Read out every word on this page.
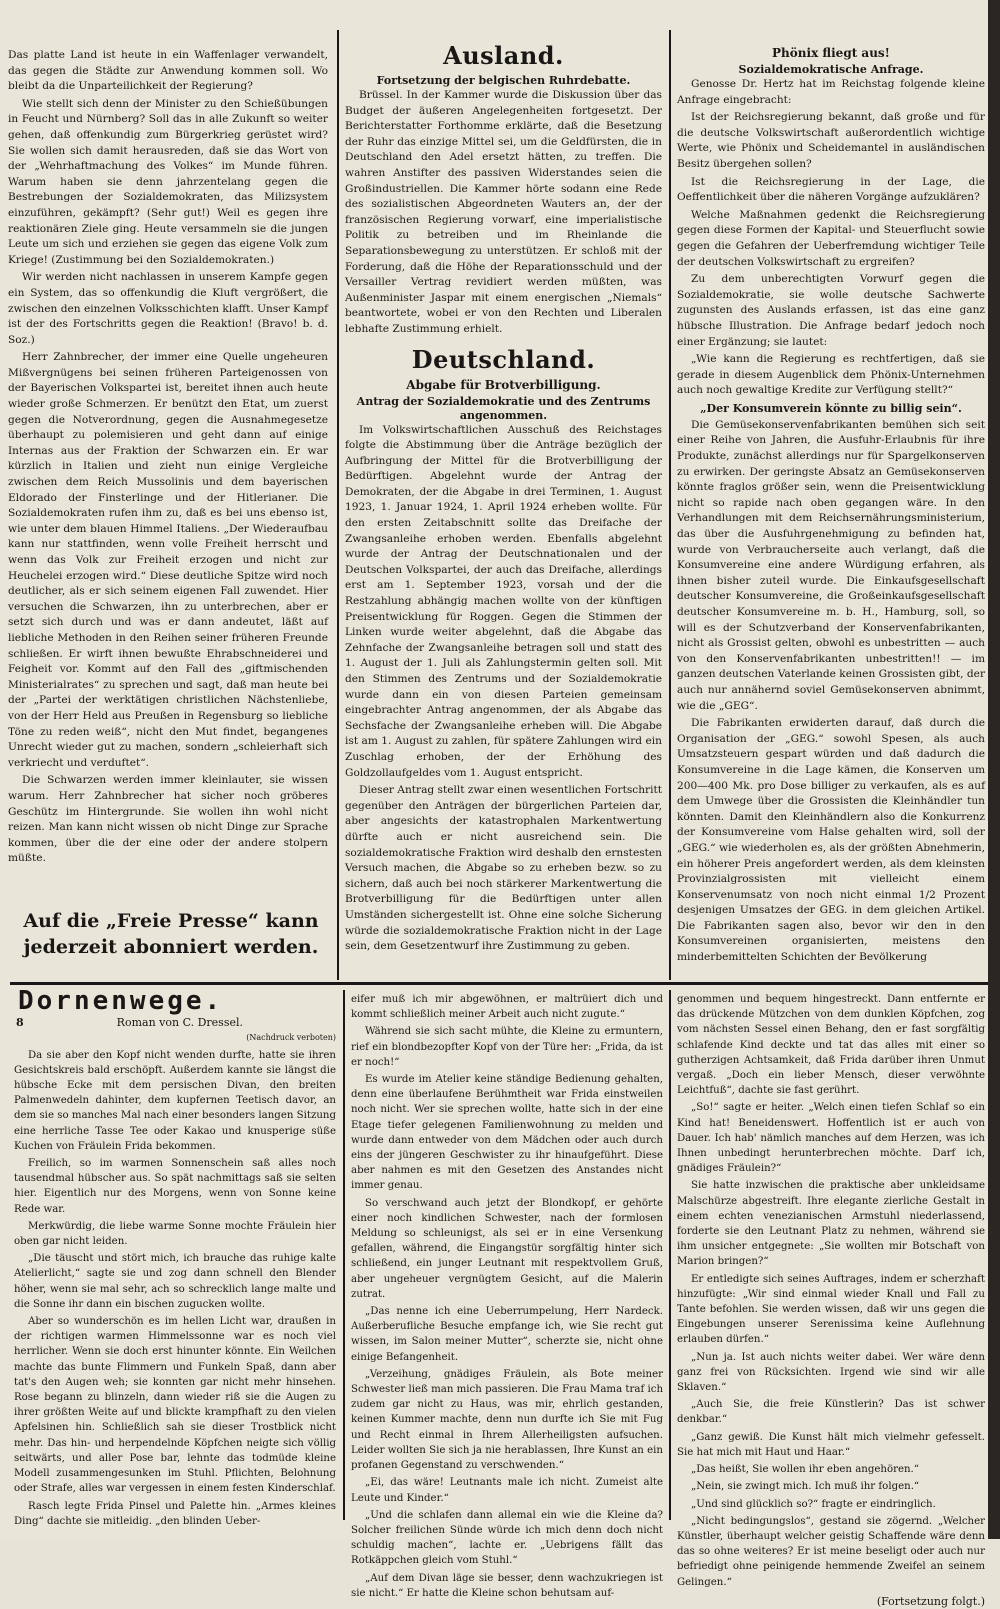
Das platte Land ist heute in ein Waffenlager verwandelt, das gegen die Städte zur Anwendung kommen soll. Wo bleibt da die Unparteilichkeit der Regierung?

Wie stellt sich denn der Minister zu den Schießübungen in Feucht und Nürnberg? Soll das in alle Zukunft so weiter gehen, daß offenkundig zum Bürgerkrieg gerüstet wird? Sie wollen sich damit herausreden, daß sie das Wort von der „Wehrhaftmachung des Volkes“ im Munde führen. Warum haben sie denn jahrzentelang gegen die Bestrebungen der Sozialdemokraten, das Milizsystem einzuführen, gekämpft? (Sehr gut!) Weil es gegen ihre reaktionären Ziele ging. Heute versammeln sie die jungen Leute um sich und erziehen sie gegen das eigene Volk zum Kriege! (Zustimmung bei den Sozialdemokraten.)

Wir werden nicht nachlassen in unserem Kampfe gegen ein System, das so offenkundig die Kluft vergrößert, die zwischen den einzelnen Volksschichten klafft. Unser Kampf ist der des Fortschritts gegen die Reaktion! (Bravo! b. d. Soz.)

Herr Zahnbrecher, der immer eine Quelle ungeheuren Mißvergnügens bei seinen früheren Parteigenossen von der Bayerischen Volkspartei ist, bereitet ihnen auch heute wieder große Schmerzen. Er benützt den Etat, um zuerst gegen die Notverordnung, gegen die Ausnahmegesetze überhaupt zu polemisieren und geht dann auf einige Internas aus der Fraktion der Schwarzen ein. Er war kürzlich in Italien und zieht nun einige Vergleiche zwischen dem Reich Mussolinis und dem bayerischen Eldorado der Finsterlinge und der Hitlerianer. Die Sozialdemokraten rufen ihm zu, daß es bei uns ebenso ist, wie unter dem blauen Himmel Italiens. „Der Wiederaufbau kann nur stattfinden, wenn volle Freiheit herrscht und wenn das Volk zur Freiheit erzogen und nicht zur Heuchelei erzogen wird.“ Diese deutliche Spitze wird noch deutlicher, als er sich seinem eigenen Fall zuwendet. Hier versuchen die Schwarzen, ihn zu unterbrechen, aber er setzt sich durch und was er dann andeutet, läßt auf liebliche Methoden in den Reihen seiner früheren Freunde schließen. Er wirft ihnen bewußte Ehrabschneiderei und Feigheit vor. Kommt auf den Fall des „giftmischenden Ministerialrates“ zu sprechen und sagt, daß man heute bei der „Partei der werktätigen christlichen Nächstenliebe, von der Herr Held aus Preußen in Regensburg so liebliche Töne zu reden weiß“, nicht den Mut findet, begangenes Unrecht wieder gut zu machen, sondern „schleierhaft sich verkriecht und verduftet“.

Die Schwarzen werden immer kleinlauter, sie wissen warum. Herr Zahnbrecher hat sicher noch gröberes Geschütz im Hintergrunde. Sie wollen ihn wohl nicht reizen. Man kann nicht wissen ob nicht Dinge zur Sprache kommen, über die der eine oder der andere stolpern müßte.

Auf die „Freie Presse“ kann
jederzeit abonniert werden.
Ausland.
Fortsetzung der belgischen Ruhrdebatte.

Brüssel. In der Kammer wurde die Diskussion über das Budget der äußeren Angelegenheiten fortgesetzt. Der Berichterstatter Forthomme erklärte, daß die Besetzung der Ruhr das einzige Mittel sei, um die Geldfürsten, die in Deutschland den Adel ersetzt hätten, zu treffen. Die wahren Anstifter des passiven Widerstandes seien die Großindustriellen. Die Kammer hörte sodann eine Rede des sozialistischen Abgeordneten Wauters an, der der französischen Regierung vorwarf, eine imperialistische Politik zu betreiben und im Rheinlande die Separationsbewegung zu unterstützen. Er schloß mit der Forderung, daß die Höhe der Reparationsschuld und der Versailler Vertrag revidiert werden müßten, was Außenminister Jaspar mit einem energischen „Niemals“ beantwortete, wobei er von den Rechten und Liberalen lebhafte Zustimmung erhielt.

Deutschland.
Abgabe für Brotverbilligung.
Antrag der Sozialdemokratie und des Zentrums angenommen.

Im Volkswirtschaftlichen Ausschuß des Reichstages folgte die Abstimmung über die Anträge bezüglich der Aufbringung der Mittel für die Brotverbilligung der Bedürftigen. Abgelehnt wurde der Antrag der Demokraten, der die Abgabe in drei Terminen, 1. August 1923, 1. Januar 1924, 1. April 1924 erheben wollte. Für den ersten Zeitabschnitt sollte das Dreifache der Zwangsanleihe erhoben werden. Ebenfalls abgelehnt wurde der Antrag der Deutschnationalen und der Deutschen Volkspartei, der auch das Dreifache, allerdings erst am 1. September 1923, vorsah und der die Restzahlung abhängig machen wollte von der künftigen Preisentwicklung für Roggen. Gegen die Stimmen der Linken wurde weiter abgelehnt, daß die Abgabe das Zehnfache der Zwangsanleihe betragen soll und statt des 1. August der 1. Juli als Zahlungstermin gelten soll. Mit den Stimmen des Zentrums und der Sozialdemokratie wurde dann ein von diesen Parteien gemeinsam eingebrachter Antrag angenommen, der als Abgabe das Sechsfache der Zwangsanleihe erheben will. Die Abgabe ist am 1. August zu zahlen, für spätere Zahlungen wird ein Zuschlag erhoben, der der Erhöhung des Goldzollaufgeldes vom 1. August entspricht.

Dieser Antrag stellt zwar einen wesentlichen Fortschritt gegenüber den Anträgen der bürgerlichen Parteien dar, aber angesichts der katastrophalen Markentwertung dürfte auch er nicht ausreichend sein. Die sozialdemokratische Fraktion wird deshalb den ernstesten Versuch machen, die Abgabe so zu erheben bezw. so zu sichern, daß auch bei noch stärkerer Markentwertung die Brotverbilligung für die Bedürftigen unter allen Umständen sichergestellt ist. Ohne eine solche Sicherung würde die sozialdemokratische Fraktion nicht in der Lage sein, dem Gesetzentwurf ihre Zustimmung zu geben.

Phönix fliegt aus!
Sozialdemokratische Anfrage.

Genosse Dr. Hertz hat im Reichstag folgende kleine Anfrage eingebracht:

Ist der Reichsregierung bekannt, daß große und für die deutsche Volkswirtschaft außerordentlich wichtige Werte, wie Phönix und Scheidemantel in ausländischen Besitz übergehen sollen?

Ist die Reichsregierung in der Lage, die Oeffentlichkeit über die näheren Vorgänge aufzuklären?

Welche Maßnahmen gedenkt die Reichsregierung gegen diese Formen der Kapital- und Steuerflucht sowie gegen die Gefahren der Ueberfremdung wichtiger Teile der deutschen Volkswirtschaft zu ergreifen?

Zu dem unberechtigten Vorwurf gegen die Sozialdemokratie, sie wolle deutsche Sachwerte zugunsten des Auslands erfassen, ist das eine ganz hübsche Illustration. Die Anfrage bedarf jedoch noch einer Ergänzung; sie lautet:

„Wie kann die Regierung es rechtfertigen, daß sie gerade in diesem Augenblick dem Phönix-Unternehmen auch noch gewaltige Kredite zur Verfügung stellt?“

„Der Konsumverein könnte zu billig sein“.

Die Gemüsekonservenfabrikanten bemühen sich seit einer Reihe von Jahren, die Ausfuhr-Erlaubnis für ihre Produkte, zunächst allerdings nur für Spargelkonserven zu erwirken. Der geringste Absatz an Gemüsekonserven könnte fraglos größer sein, wenn die Preisentwicklung nicht so rapide nach oben gegangen wäre. In den Verhandlungen mit dem Reichsernährungsministerium, das über die Ausfuhrgenehmigung zu befinden hat, wurde von Verbraucherseite auch verlangt, daß die Konsumvereine eine andere Würdigung erfahren, als ihnen bisher zuteil wurde. Die Einkaufsgesellschaft deutscher Konsumvereine, die Großeinkaufsgesellschaft deutscher Konsumvereine m. b. H., Hamburg, soll, so will es der Schutzverband der Konservenfabrikanten, nicht als Grossist gelten, obwohl es unbestritten — auch von den Konservenfabrikanten unbestritten!! — im ganzen deutschen Vaterlande keinen Grossisten gibt, der auch nur annähernd soviel Gemüsekonserven abnimmt, wie die „GEG“.

Die Fabrikanten erwiderten darauf, daß durch die Organisation der „GEG.“ sowohl Spesen, als auch Umsatzsteuern gespart würden und daß dadurch die Konsumvereine in die Lage kämen, die Konserven um 200—400 Mk. pro Dose billiger zu verkaufen, als es auf dem Umwege über die Grossisten die Kleinhändler tun könnten. Damit den Kleinhändlern also die Konkurrenz der Konsumvereine vom Halse gehalten wird, soll der „GEG.“ wie wiederholen es, als der größten Abnehmerin, ein höherer Preis angefordert werden, als dem kleinsten Provinzialgrossisten mit vielleicht einem Konservenumsatz von noch nicht einmal 1/2 Prozent desjenigen Umsatzes der GEG. in dem gleichen Artikel. Die Fabrikanten sagen also, bevor wir den in den Konsumvereinen organisierten, meistens den minderbemittelten Schichten der Bevölkerung

Dornenwege.
8	Roman von C. Dressel.
(Nachdruck verboten)

Da sie aber den Kopf nicht wenden durfte, hatte sie ihren Gesichtskreis bald erschöpft. Außerdem kannte sie längst die hübsche Ecke mit dem persischen Divan, den breiten Palmenwedeln dahinter, dem kupfernen Teetisch davor, an dem sie so manches Mal nach einer besonders langen Sitzung eine herrliche Tasse Tee oder Kakao und knusperige süße Kuchen von Fräulein Frida bekommen.

Freilich, so im warmen Sonnenschein saß alles noch tausendmal hübscher aus. So spät nachmittags saß sie selten hier. Eigentlich nur des Morgens, wenn von Sonne keine Rede war.

Merkwürdig, die liebe warme Sonne mochte Fräulein hier oben gar nicht leiden.

„Die täuscht und stört mich, ich brauche das ruhige kalte Atelierlicht,“ sagte sie und zog dann schnell den Blender höher, wenn sie mal sehr, ach so schrecklich lange malte und die Sonne ihr dann ein bischen zugucken wollte.

Aber so wunderschön es im hellen Licht war, draußen in der richtigen warmen Himmelssonne war es noch viel herrlicher. Wenn sie doch erst hinunter könnte. Ein Weilchen machte das bunte Flimmern und Funkeln Spaß, dann aber tat's den Augen weh; sie konnten gar nicht mehr hinsehen. Rose begann zu blinzeln, dann wieder riß sie die Augen zu ihrer größten Weite auf und blickte krampfhaft zu den vielen Apfelsinen hin. Schließlich sah sie dieser Trostblick nicht mehr. Das hin- und herpendelnde Köpfchen neigte sich völlig seitwärts, und aller Pose bar, lehnte das todmüde kleine Modell zusammengesunken im Stuhl. Pflichten, Belohnung oder Strafe, alles war vergessen in einem festen Kinderschlaf.

Rasch legte Frida Pinsel und Palette hin. „Armes kleines Ding“ dachte sie mitleidig. „den blinden Ueber-

eifer muß ich mir abgewöhnen, er maltrüiert dich und kommt schließlich meiner Arbeit auch nicht zugute.“

Während sie sich sacht mühte, die Kleine zu ermuntern, rief ein blondbezopfter Kopf von der Türe her: „Frida, da ist er noch!“

Es wurde im Atelier keine ständige Bedienung gehalten, denn eine überlaufene Berühmtheit war Frida einstweilen noch nicht. Wer sie sprechen wollte, hatte sich in der eine Etage tiefer gelegenen Familienwohnung zu melden und wurde dann entweder von dem Mädchen oder auch durch eins der jüngeren Geschwister zu ihr hinaufgeführt. Diese aber nahmen es mit den Gesetzen des Anstandes nicht immer genau.

So verschwand auch jetzt der Blondkopf, er gehörte einer noch kindlichen Schwester, nach der formlosen Meldung so schleunigst, als sei er in eine Versenkung gefallen, während, die Eingangstür sorgfältig hinter sich schließend, ein junger Leutnant mit respektvollem Gruß, aber ungeheuer vergnügtem Gesicht, auf die Malerin zutrat.

„Das nenne ich eine Ueberrumpelung, Herr Nardeck. Außerberufliche Besuche empfange ich, wie Sie recht gut wissen, im Salon meiner Mutter“, scherzte sie, nicht ohne einige Befangenheit.

„Verzeihung, gnädiges Fräulein, als Bote meiner Schwester ließ man mich passieren. Die Frau Mama traf ich zudem gar nicht zu Haus, was mir, ehrlich gestanden, keinen Kummer machte, denn nun durfte ich Sie mit Fug und Recht einmal in Ihrem Allerheiligsten aufsuchen. Leider wollten Sie sich ja nie herablassen, Ihre Kunst an ein profanen Gegenstand zu verschwenden.“

„Ei, das wäre! Leutnants male ich nicht. Zumeist alte Leute und Kinder.“

„Und die schlafen dann allemal ein wie die Kleine da? Solcher freilichen Sünde würde ich mich denn doch nicht schuldig machen“, lachte er. „Uebrigens fällt das Rotkäppchen gleich vom Stuhl.“

„Auf dem Divan läge sie besser, denn wachzukriegen ist sie nicht.“ Er hatte die Kleine schon behutsam auf-

genommen und bequem hingestreckt. Dann entfernte er das drückende Mützchen von dem dunklen Köpfchen, zog vom nächsten Sessel einen Behang, den er fast sorgfältig schlafende Kind deckte und tat das alles mit einer so gutherzigen Achtsamkeit, daß Frida darüber ihren Unmut vergaß. „Doch ein lieber Mensch, dieser verwöhnte Leichtfuß“, dachte sie fast gerührt.

„So!“ sagte er heiter. „Welch einen tiefen Schlaf so ein Kind hat! Beneidenswert. Hoffentlich ist er auch von Dauer. Ich hab' nämlich manches auf dem Herzen, was ich Ihnen unbedingt herunterbrechen möchte. Darf ich, gnädiges Fräulein?“

Sie hatte inzwischen die praktische aber unkleidsame Malschürze abgestreift. Ihre elegante zierliche Gestalt in einem echten venezianischen Armstuhl niederlassend, forderte sie den Leutnant Platz zu nehmen, während sie ihm unsicher entgegnete: „Sie wollten mir Botschaft von Marion bringen?“

Er entledigte sich seines Auftrages, indem er scherzhaft hinzufügte: „Wir sind einmal wieder Knall und Fall zu Tante befohlen. Sie werden wissen, daß wir uns gegen die Eingebungen unserer Serenissima keine Auflehnung erlauben dürfen.“

„Nun ja. Ist auch nichts weiter dabei. Wer wäre denn ganz frei von Rücksichten. Irgend wie sind wir alle Sklaven.“

„Auch Sie, die freie Künstlerin? Das ist schwer denkbar.“

„Ganz gewiß. Die Kunst hält mich vielmehr gefesselt. Sie hat mich mit Haut und Haar.“

„Das heißt, Sie wollen ihr eben angehören.“

„Nein, sie zwingt mich. Ich muß ihr folgen.“

„Und sind glücklich so?“ fragte er eindringlich.

„Nicht bedingungslos“, gestand sie zögernd. „Welcher Künstler, überhaupt welcher geistig Schaffende wäre denn das so ohne weiteres? Er ist meine beseligt oder auch nur befriedigt ohne peinigende hemmende Zweifel an seinem Gelingen.“

(Fortsetzung folgt.)
